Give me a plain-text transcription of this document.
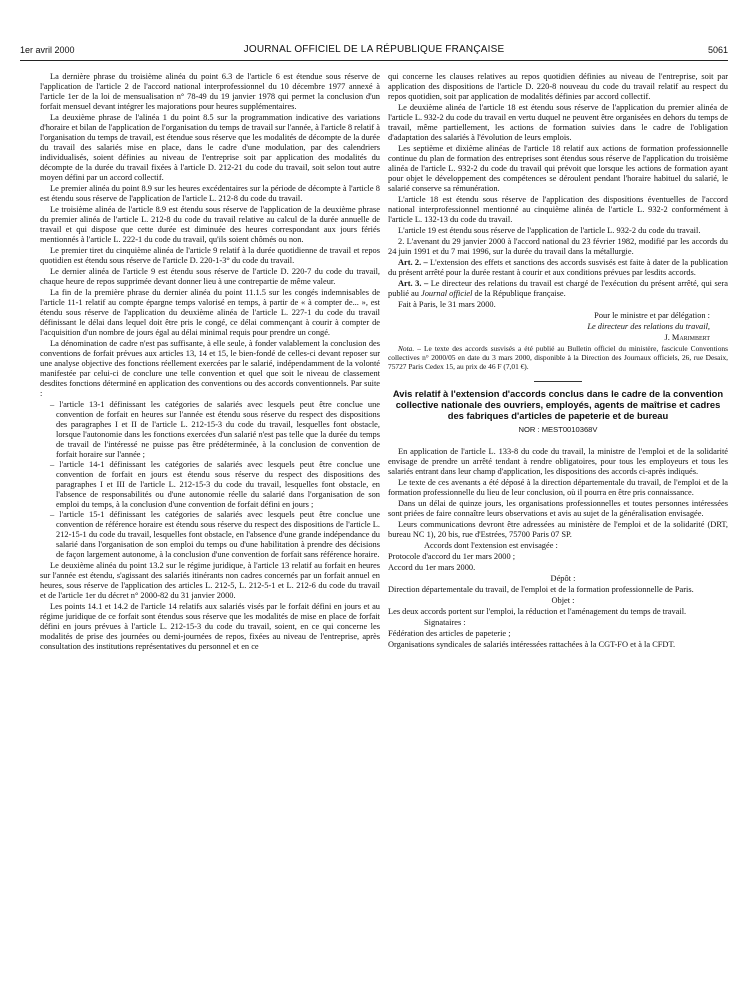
1er avril 2000	JOURNAL OFFICIEL DE LA RÉPUBLIQUE FRANÇAISE	5061

La dernière phrase du troisième alinéa du point 6.3 de l'article 6 est étendue sous réserve de l'application de l'article 2 de l'accord national interprofessionnel du 10 décembre 1977 annexé à l'article 1er de la loi de mensualisation n° 78-49 du 19 janvier 1978 qui permet la conclusion d'un forfait mensuel devant intégrer les majorations pour heures supplémentaires.

La deuxième phrase de l'alinéa 1 du point 8.5 sur la programmation indicative des variations d'horaire et bilan de l'application de l'organisation du temps de travail sur l'année, à l'article 8 relatif à l'organisation du temps de travail, est étendue sous réserve que les modalités de décompte de la durée du travail des salariés mise en place, dans le cadre d'une modulation, par des calendriers individualisés, soient définies au niveau de l'entreprise soit par application des modalités du décompte de la durée du travail fixées à l'article D. 212-21 du code du travail, soit selon tout autre moyen défini par un accord collectif.

Le premier alinéa du point 8.9 sur les heures excédentaires sur la période de décompte à l'article 8 est étendu sous réserve de l'application de l'article L. 212-8 du code du travail.

Le troisième alinéa de l'article 8.9 est étendu sous réserve de l'application de la deuxième phrase du premier alinéa de l'article L. 212-8 du code du travail relative au calcul de la durée annuelle de travail et qui dispose que cette durée est diminuée des heures correspondant aux jours fériés mentionnés à l'article L. 222-1 du code du travail, qu'ils soient chômés ou non.

Le premier tiret du cinquième alinéa de l'article 9 relatif à la durée quotidienne de travail et repos quotidien est étendu sous réserve de l'article D. 220-1-3° du code du travail.

Le dernier alinéa de l'article 9 est étendu sous réserve de l'article D. 220-7 du code du travail, chaque heure de repos supprimée devant donner lieu à une contrepartie de même valeur.

La fin de la première phrase du dernier alinéa du point 11.1.5 sur les congés indemnisables de l'article 11-1 relatif au compte épargne temps valorisé en temps, à partir de « à compter de... », est étendu sous réserve de l'application du deuxième alinéa de l'article L. 227-1 du code du travail définissant le délai dans lequel doit être pris le congé, ce délai commençant à courir à compter de l'acquisition d'un nombre de jours égal au délai minimal requis pour prendre un congé.

La dénomination de cadre n'est pas suffisante, à elle seule, à fonder valablement la conclusion des conventions de forfait prévues aux articles 13, 14 et 15, le bien-fondé de celles-ci devant reposer sur une analyse objective des fonctions réellement exercées par le salarié, indépendamment de la volonté manifestée par celui-ci de conclure une telle convention et quel que soit le niveau de classement desdites fonctions déterminé en application des conventions ou des accords conventionnels. Par suite :

– l'article 13-1 définissant les catégories de salariés avec lesquels peut être conclue une convention de forfait en heures sur l'année est étendu sous réserve du respect des dispositions des paragraphes I et II de l'article L. 212-15-3 du code du travail, lesquelles font obstacle, lorsque l'autonomie dans les fonctions exercées d'un salarié n'est pas telle que la durée du temps de travail de l'intéressé ne puisse pas être prédéterminée, à la conclusion de convention de forfait horaire sur l'année ;
– l'article 14-1 définissant les catégories de salariés avec lesquels peut être conclue une convention de forfait en jours est étendu sous réserve du respect des dispositions des paragraphes I et III de l'article L. 212-15-3 du code du travail, lesquelles font obstacle, en l'absence de responsabilités ou d'une autonomie réelle du salarié dans l'organisation de son emploi du temps, à la conclusion d'une convention de forfait défini en jours ;
– l'article 15-1 définissant les catégories de salariés avec lesquels peut être conclue une convention de référence horaire est étendu sous réserve du respect des dispositions de l'article L. 212-15-1 du code du travail, lesquelles font obstacle, en l'absence d'une grande indépendance du salarié dans l'organisation de son emploi du temps ou d'une habilitation à prendre des décisions de façon largement autonome, à la conclusion d'une convention de forfait sans référence horaire.

Le deuxième alinéa du point 13.2 sur le régime juridique, à l'article 13 relatif au forfait en heures sur l'année est étendu, s'agissant des salariés itinérants non cadres concernés par un forfait annuel en heures, sous réserve de l'application des articles L. 212-5, L. 212-5-1 et L. 212-6 du code du travail et de l'article 1er du décret n° 2000-82 du 31 janvier 2000.

Les points 14.1 et 14.2 de l'article 14 relatifs aux salariés visés par le forfait défini en jours et au régime juridique de ce forfait sont étendus sous réserve que les modalités de mise en place de forfait défini en jours prévues à l'article L. 212-15-3 du code du travail, soient, en ce qui concerne les modalités de prise des journées ou demi-journées de repos, fixées au niveau de l'entreprise, après consultation des institutions représentatives du personnel et en ce

qui concerne les clauses relatives au repos quotidien définies au niveau de l'entreprise, soit par application des dispositions de l'article D. 220-8 nouveau du code du travail relatif au respect du repos quotidien, soit par application de modalités définies par accord collectif.

Le deuxième alinéa de l'article 18 est étendu sous réserve de l'application du premier alinéa de l'article L. 932-2 du code du travail en vertu duquel ne peuvent être organisées en dehors du temps de travail, même partiellement, les actions de formation suivies dans le cadre de l'obligation d'adaptation des salariés à l'évolution de leurs emplois.

Les septième et dixième alinéas de l'article 18 relatif aux actions de formation professionnelle continue du plan de formation des entreprises sont étendus sous réserve de l'application du troisième alinéa de l'article L. 932-2 du code du travail qui prévoit que lorsque les actions de formation ayant pour objet le développement des compétences se déroulent pendant l'horaire habituel du salarié, le salarié conserve sa rémunération.

L'article 18 est étendu sous réserve de l'application des dispositions éventuelles de l'accord national interprofessionnel mentionné au cinquième alinéa de l'article L. 932-2 conformément à l'article L. 132-13 du code du travail.

L'article 19 est étendu sous réserve de l'application de l'article L. 932-2 du code du travail.

2. L'avenant du 29 janvier 2000 à l'accord national du 23 février 1982, modifié par les accords du 24 juin 1991 et du 7 mai 1996, sur la durée du travail dans la métallurgie.

Art. 2. – L'extension des effets et sanctions des accords susvisés est faite à dater de la publication du présent arrêté pour la durée restant à courir et aux conditions prévues par lesdits accords.

Art. 3. – Le directeur des relations du travail est chargé de l'exécution du présent arrêté, qui sera publié au Journal officiel de la République française.

Fait à Paris, le 31 mars 2000.

Pour le ministre et par délégation :

Le directeur des relations du travail,

J. Marimbert

Nota. – Le texte des accords susvisés a été publié au Bulletin officiel du ministère, fascicule Conventions collectives n° 2000/05 en date du 3 mars 2000, disponible à la Direction des Journaux officiels, 26, rue Desaix, 75727 Paris Cedex 15, au prix de 46 F (7,01 €).

Avis relatif à l'extension d'accords conclus dans le cadre de la convention collective nationale des ouvriers, employés, agents de maîtrise et cadres des fabriques d'articles de papeterie et de bureau
NOR : MEST0010368V

En application de l'article L. 133-8 du code du travail, la ministre de l'emploi et de la solidarité envisage de prendre un arrêté tendant à rendre obligatoires, pour tous les employeurs et tous les salariés entrant dans leur champ d'application, les dispositions des accords ci-après indiqués.

Le texte de ces avenants a été déposé à la direction départementale du travail, de l'emploi et de la formation professionnelle du lieu de leur conclusion, où il pourra en être pris connaissance.

Dans un délai de quinze jours, les organisations professionnelles et toutes personnes intéressées sont priées de faire connaître leurs observations et avis au sujet de la généralisation envisagée.

Leurs communications devront être adressées au ministère de l'emploi et de la solidarité (DRT, bureau NC 1), 20 bis, rue d'Estrées, 75700 Paris 07 SP.

Accords dont l'extension est envisagée :

Protocole d'accord du 1er mars 2000 ;

Accord du 1er mars 2000.

Dépôt :

Direction départementale du travail, de l'emploi et de la formation professionnelle de Paris.

Objet :

Les deux accords portent sur l'emploi, la réduction et l'aménagement du temps de travail.

Signataires :

Fédération des articles de papeterie ;

Organisations syndicales de salariés intéressées rattachées à la CGT-FO et à la CFDT.
